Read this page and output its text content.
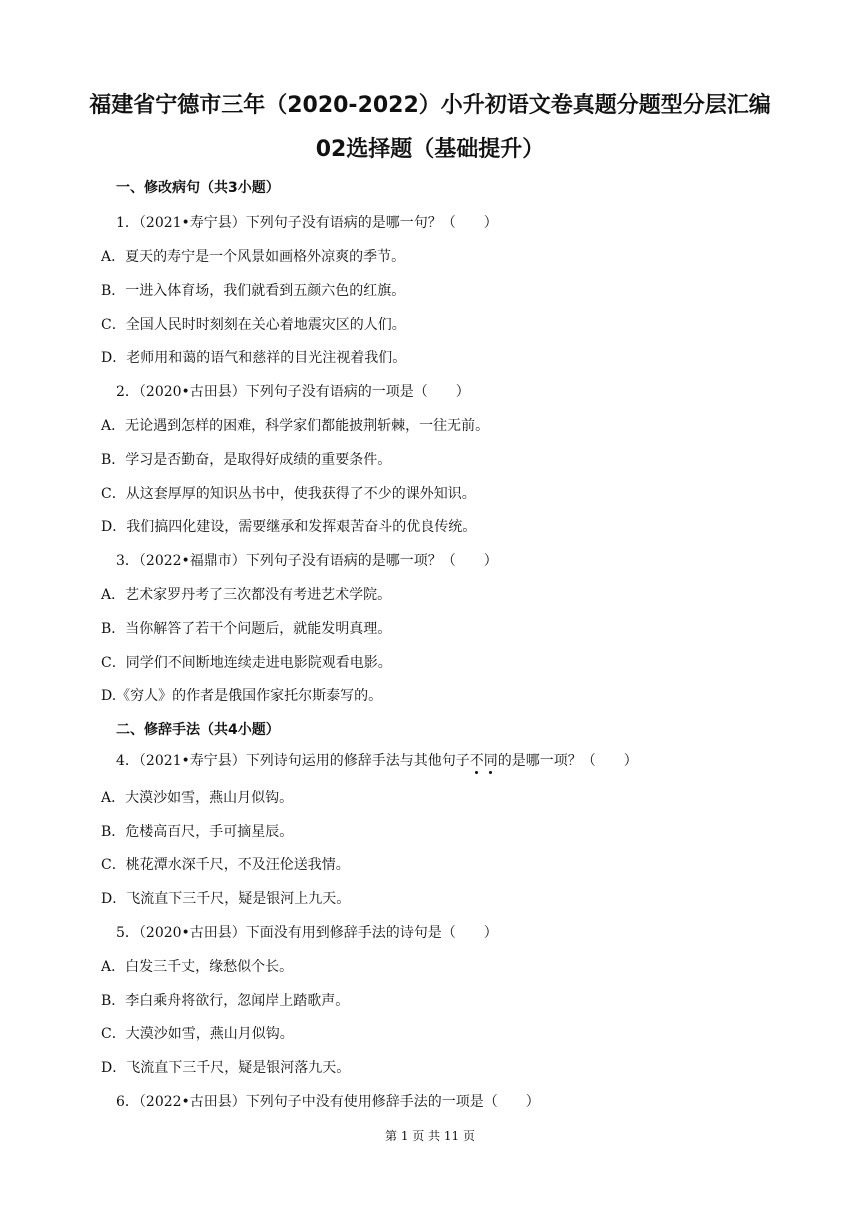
福建省宁德市三年（2020-2022）小升初语文卷真题分题型分层汇编
02选择题（基础提升）
一、修改病句（共3小题）
1．（2021•寿宁县）下列句子没有语病的是哪一句？（　　）
A．夏天的寿宁是一个风景如画格外凉爽的季节。
B．一进入体育场，我们就看到五颜六色的红旗。
C．全国人民时时刻刻在关心着地震灾区的人们。
D．老师用和蔼的语气和慈祥的目光注视着我们。
2．（2020•古田县）下列句子没有语病的一项是（　　）
A．无论遇到怎样的困难，科学家们都能披荆斩棘，一往无前。
B．学习是否勤奋，是取得好成绩的重要条件。
C．从这套厚厚的知识丛书中，使我获得了不少的课外知识。
D．我们搞四化建设，需要继承和发挥艰苦奋斗的优良传统。
3．（2022•福鼎市）下列句子没有语病的是哪一项？（　　）
A．艺术家罗丹考了三次都没有考进艺术学院。
B．当你解答了若干个问题后，就能发明真理。
C．同学们不间断地连续走进电影院观看电影。
D.《穷人》的作者是俄国作家托尔斯泰写的。
二、修辞手法（共4小题）
4．（2021•寿宁县）下列诗句运用的修辞手法与其他句子不同的是哪一项？（　　）
A．大漠沙如雪，燕山月似钩。
B．危楼高百尺，手可摘星辰。
C．桃花潭水深千尺，不及汪伦送我情。
D．飞流直下三千尺，疑是银河上九天。
5．（2020•古田县）下面没有用到修辞手法的诗句是（　　）
A．白发三千丈，缘愁似个长。
B．李白乘舟将欲行，忽闻岸上踏歌声。
C．大漠沙如雪，燕山月似钩。
D．飞流直下三千尺，疑是银河落九天。
6．（2022•古田县）下列句子中没有使用修辞手法的一项是（　　）
第 1 页 共 11 页
